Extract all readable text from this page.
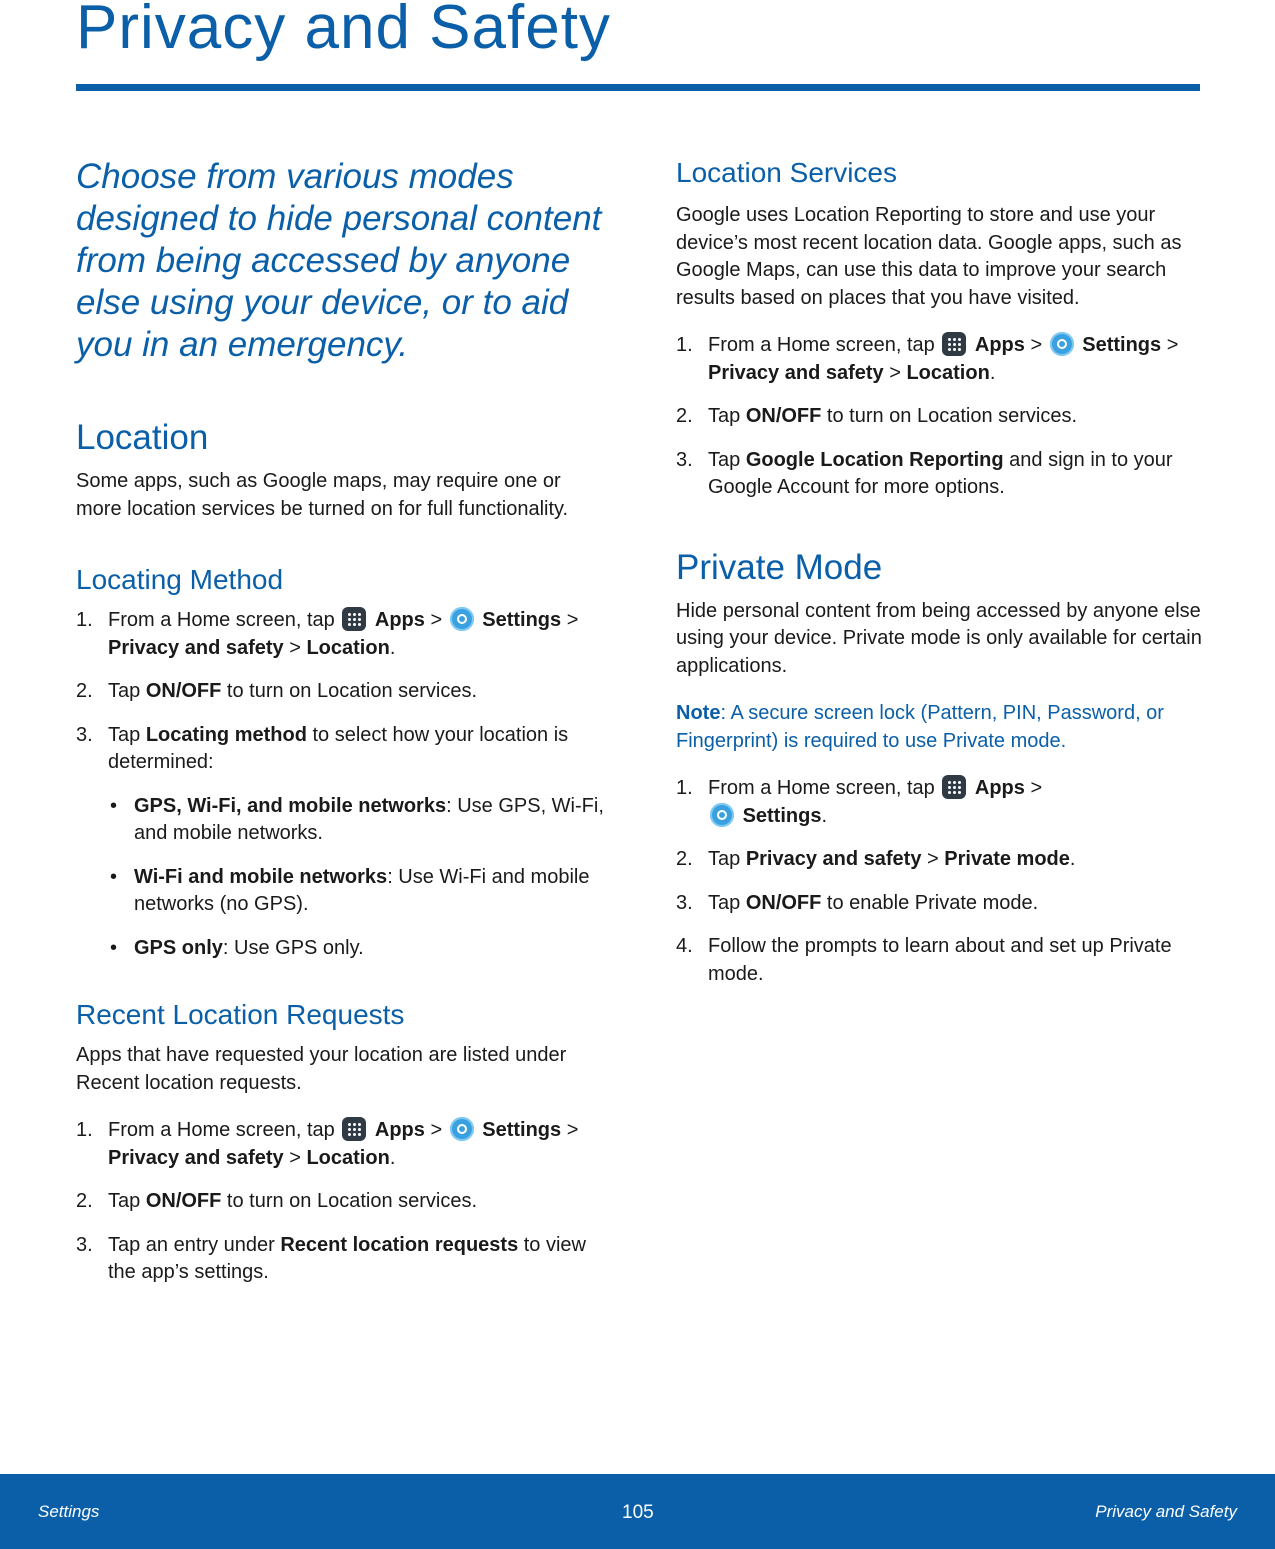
Privacy and Safety

Choose from various modes designed to hide personal content from being accessed by anyone else using your device, or to aid you in an emergency.

Location

Some apps, such as Google maps, may require one or more location services be turned on for full functionality.

Locating Method
1. From a Home screen, tap Apps > Settings > Privacy and safety > Location.
2. Tap ON/OFF to turn on Location services.
3. Tap Locating method to select how your location is determined:
• GPS, Wi-Fi, and mobile networks: Use GPS, Wi-Fi, and mobile networks.
• Wi-Fi and mobile networks: Use Wi-Fi and mobile networks (no GPS).
• GPS only: Use GPS only.
Recent Location Requests

Apps that have requested your location are listed under Recent location requests.

1. From a Home screen, tap Apps > Settings > Privacy and safety > Location.
2. Tap ON/OFF to turn on Location services.
3. Tap an entry under Recent location requests to view the app’s settings.
Location Services

Google uses Location Reporting to store and use your device’s most recent location data. Google apps, such as Google Maps, can use this data to improve your search results based on places that you have visited.

1. From a Home screen, tap Apps > Settings > Privacy and safety > Location.
2. Tap ON/OFF to turn on Location services.
3. Tap Google Location Reporting and sign in to your Google Account for more options.
Private Mode

Hide personal content from being accessed by anyone else using your device. Private mode is only available for certain applications.

Note: A secure screen lock (Pattern, PIN, Password, or Fingerprint) is required to use Private mode.

1. From a Home screen, tap Apps >
Settings.
2. Tap Privacy and safety > Private mode.
3. Tap ON/OFF to enable Private mode.
4. Follow the prompts to learn about and set up Private mode.
Settings	105	Privacy and Safety
